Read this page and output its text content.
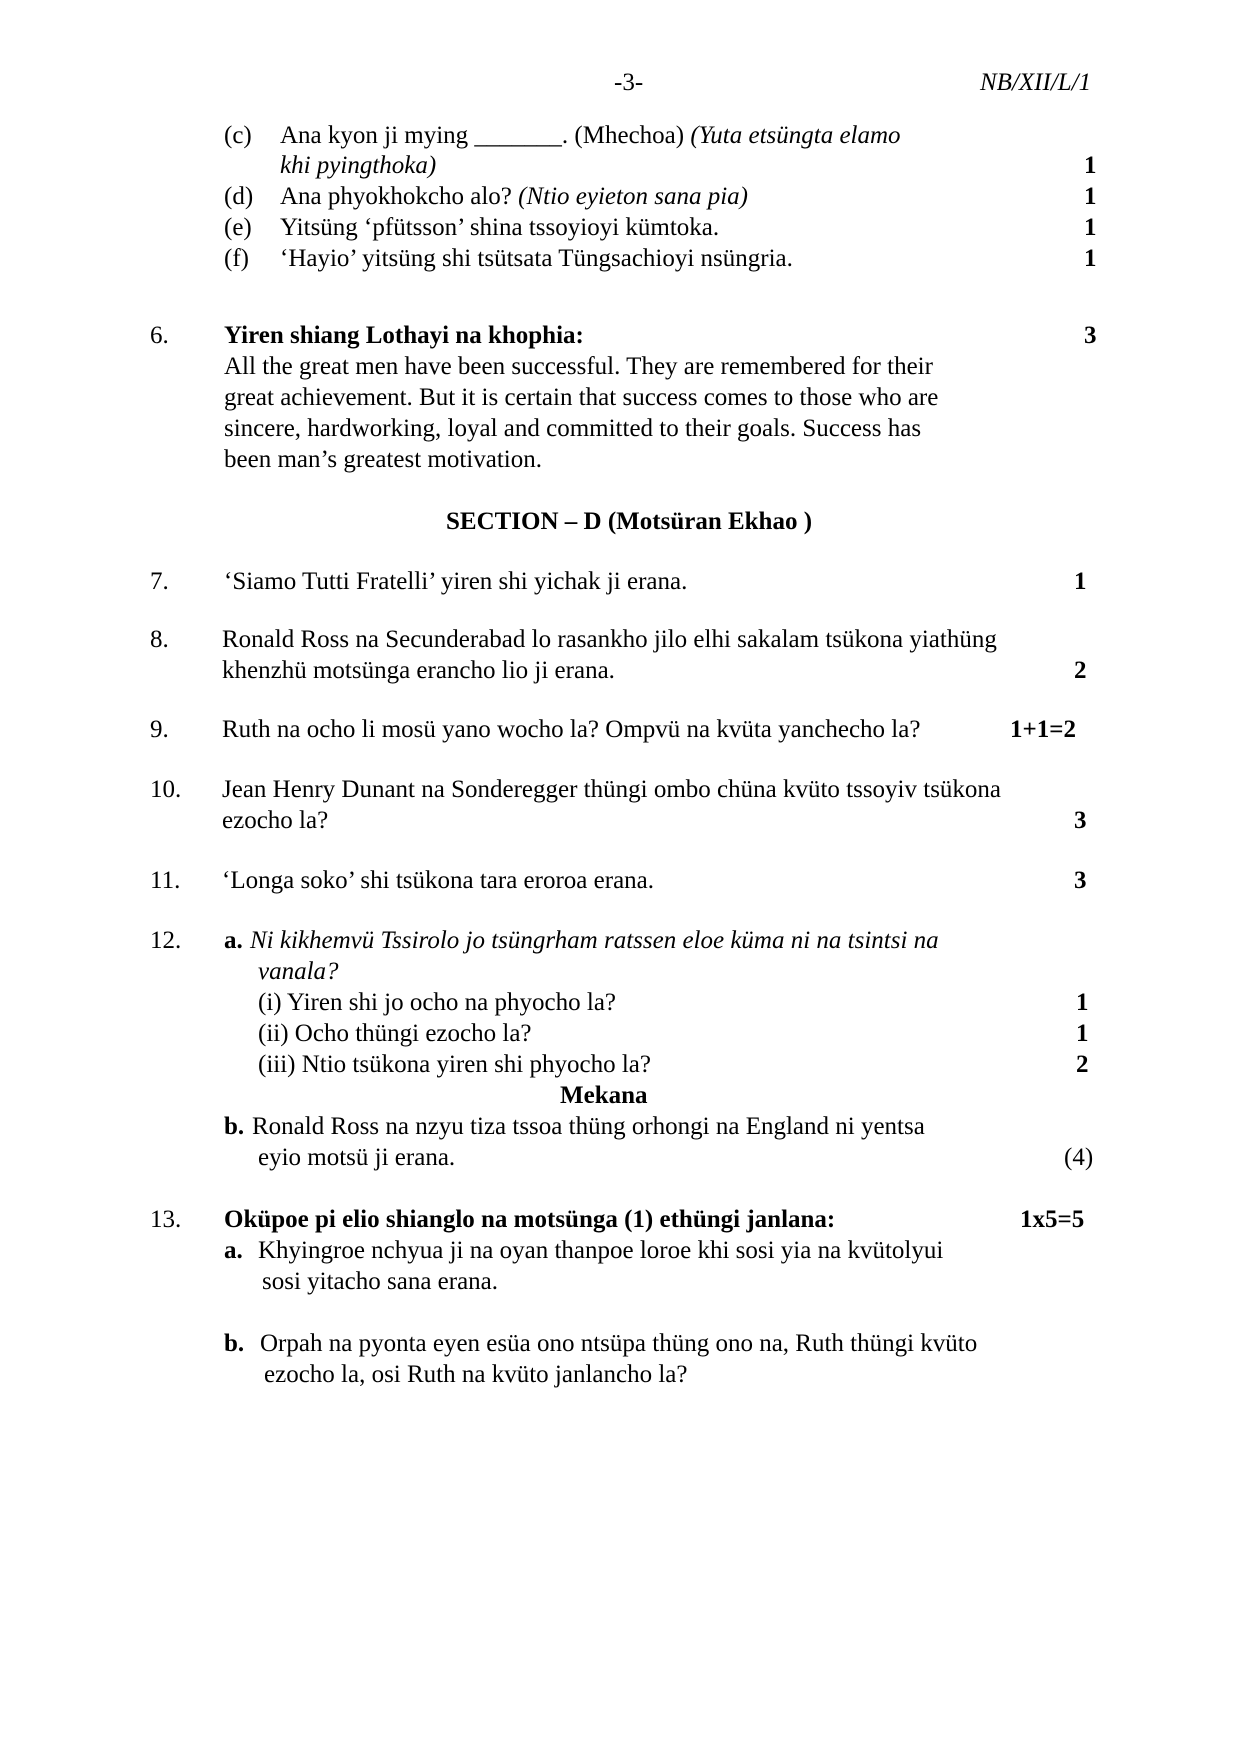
-3-	NB/XII/L/1
(c) Ana kyon ji mying _______. (Mhechoa) (Yuta etsüngta elamo
khi pyingthoka)	1
(d) Ana phyokhokcho alo? (Ntio eyieton sana pia)	1
(e) Yitsüng ‘pfütsson’ shina tssoyioyi kümtoka.	1
(f) ‘Hayio’ yitsüng shi tsütsata Tüngsachioyi nsüngria.	1
6. Yiren shiang Lothayi na khophia:	3
All the great men have been successful. They are remembered for their
great achievement. But it is certain that success comes to those who are
sincere, hardworking, loyal and committed to their goals. Success has
been man’s greatest motivation.
SECTION – D (Motsüran Ekhao )
7. ‘Siamo Tutti Fratelli’ yiren shi yichak ji erana.	1
8. Ronald Ross na Secunderabad lo rasankho jilo elhi sakalam tsükona yiathüng
khenzhü motsünga erancho lio ji erana.	2
9. Ruth na ocho li mosü yano wocho la? Ompvü na kvüta yanchecho la?	1+1=2
10. Jean Henry Dunant na Sonderegger thüngi ombo chüna kvüto tssoyiv tsükona
ezocho la?	3
11. ‘Longa soko’ shi tsükona tara eroroa erana.	3
12. a. Ni kikhemvü Tssirolo jo tsüngrham ratssen eloe küma ni na tsintsi na
vanala?
(i) Yiren shi jo ocho na phyocho la?	1
(ii) Ocho thüngi ezocho la?	1
(iii) Ntio tsükona yiren shi phyocho la?	2
Mekana
b. Ronald Ross na nzyu tiza tssoa thüng orhongi na England ni yentsa
eyio motsü ji erana.	(4)
13. Oküpoe pi elio shianglo na motsünga (1) ethüngi janlana:	1x5=5
a. Khyingroe nchyua ji na oyan thanpoe loroe khi sosi yia na kvütolyui
sosi yitacho sana erana.
b. Orpah na pyonta eyen esüa ono ntsüpa thüng ono na, Ruth thüngi kvüto
ezocho la, osi Ruth na kvüto janlancho la?
